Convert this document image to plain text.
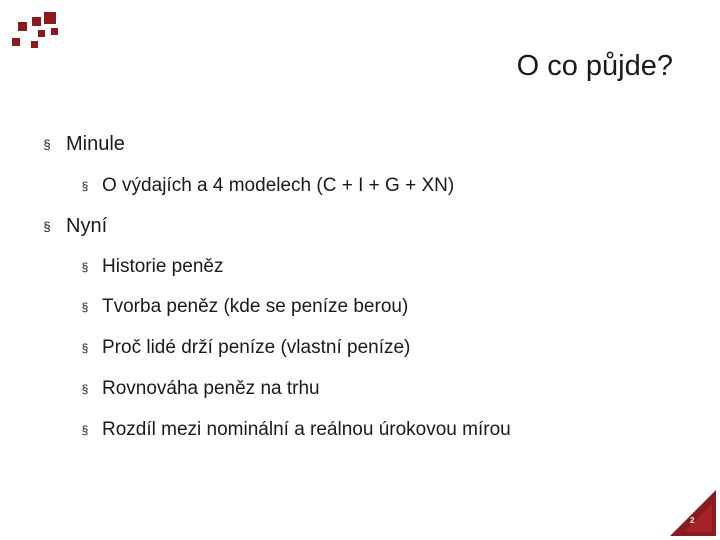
O co půjde?
§ Minule
§ O výdajích a 4 modelech (C + I + G + XN)
§ Nyní
§ Historie peněz
§ Tvorba peněz (kde se peníze berou)
§ Proč lidé drží peníze (vlastní peníze)
§ Rovnováha peněz na trhu
§ Rozdíl mezi nominální a reálnou úrokovou mírou
2
